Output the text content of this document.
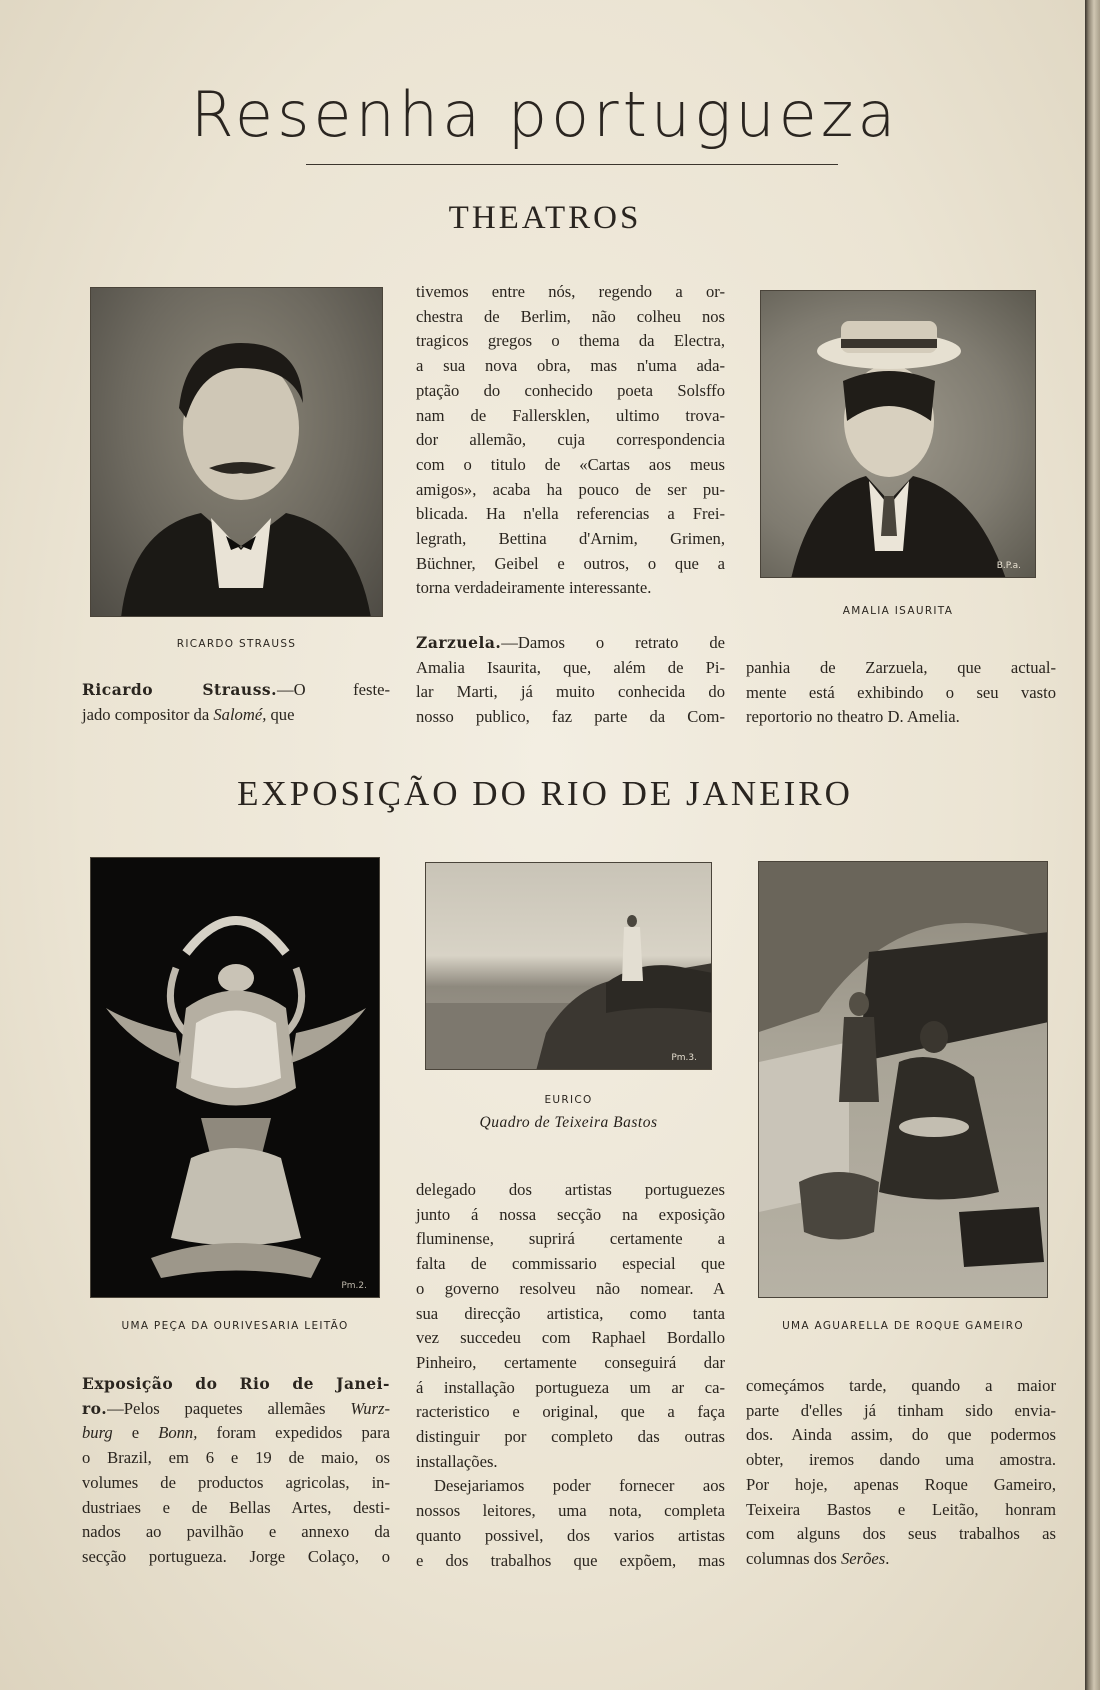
Resenha portugueza
THEATROS
RICARDO STRAUSS
Ricardo Strauss.—O feste-
jado compositor da Salomé, que
tivemos entre nós, regendo a or-
chestra de Berlim, não colheu nos
tragicos gregos o thema da Electra,
a sua nova obra, mas n'uma ada-
ptação do conhecido poeta Solsffo
nam de Fallersklen, ultimo trova-
dor allemão, cuja correspondencia
com o titulo de «Cartas aos meus
amigos», acaba ha pouco de ser pu-
blicada. Ha n'ella referencias a Frei-
legrath, Bettina d'Arnim, Grimen,
Büchner, Geibel e outros, o que a
torna verdadeiramente interessante.
Zarzuela.—Damos o retrato de
Amalia Isaurita, que, além de Pi-
lar Marti, já muito conhecida do
nosso publico, faz parte da Com-
B.P.a.
AMALIA ISAURITA
panhia de Zarzuela, que actual-
mente está exhibindo o seu vasto
reportorio no theatro D. Amelia.
EXPOSIÇÃO DO RIO DE JANEIRO
Pm.2.
UMA PEÇA DA OURIVESARIA LEITÃO
Pm.3.
EURICO
Quadro de Teixeira Bastos
UMA AGUARELLA DE ROQUE GAMEIRO
Exposição do Rio de Janei-
ro.—Pelos paquetes allemães Wurz-
burg e Bonn, foram expedidos para
o Brazil, em 6 e 19 de maio, os
volumes de productos agricolas, in-
dustriaes e de Bellas Artes, desti-
nados ao pavilhão e annexo da
secção portugueza. Jorge Colaço, o
delegado dos artistas portuguezes
junto á nossa secção na exposição
fluminense, suprirá certamente a
falta de commissario especial que
o governo resolveu não nomear. A
sua direcção artistica, como tanta
vez succedeu com Raphael Bordallo
Pinheiro, certamente conseguirá dar
á installação portugueza um ar ca-
racteristico e original, que a faça
distinguir por completo das outras
installações.
Desejariamos poder fornecer aos
nossos leitores, uma nota, completa
quanto possivel, dos varios artistas
e dos trabalhos que expõem, mas
começámos tarde, quando a maior
parte d'elles já tinham sido envia-
dos. Ainda assim, do que podermos
obter, iremos dando uma amostra.
Por hoje, apenas Roque Gameiro,
Teixeira Bastos e Leitão, honram
com alguns dos seus trabalhos as
columnas dos Serões.
